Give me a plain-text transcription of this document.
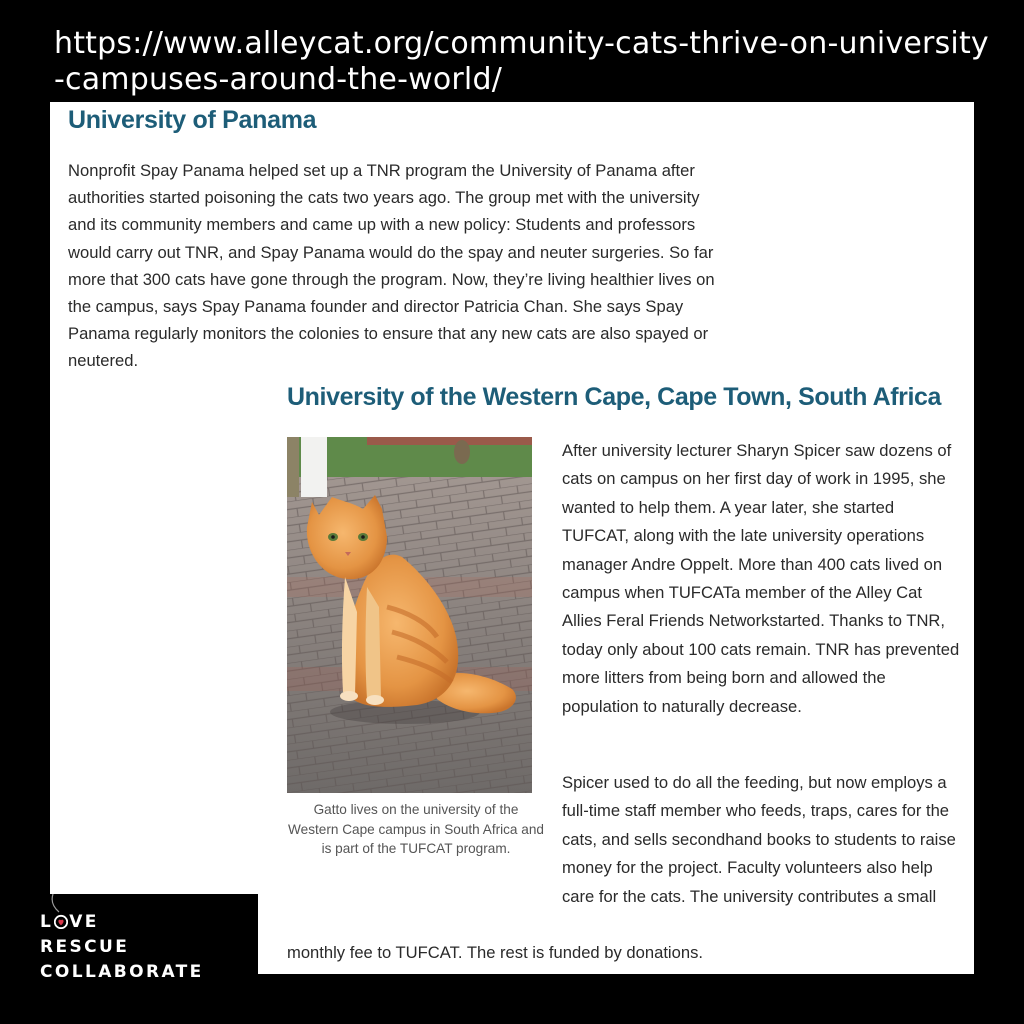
https://www.alleycat.org/community-cats-thrive-on-university-campuses-around-the-world/
University of Panama

Nonprofit Spay Panama helped set up a TNR program the University of Panama after authorities started poisoning the cats two years ago. The group met with the university and its community members and came up with a new policy: Students and professors would carry out TNR, and Spay Panama would do the spay and neuter surgeries. So far more that 300 cats have gone through the program. Now, they’re living healthier lives on the campus, says Spay Panama founder and director Patricia Chan. She says Spay Panama regularly monitors the colonies to ensure that any new cats are also spayed or neutered.

University of the Western Cape, Cape Town, South Africa

Gatto lives on the university of the Western Cape campus in South Africa and is part of the TUFCAT program.

After university lecturer Sharyn Spicer saw dozens of cats on campus on her first day of work in 1995, she wanted to help them. A year later, she started TUFCAT, along with the late university operations manager Andre Oppelt. More than 400 cats lived on campus when TUFCATa member of the Alley Cat Allies Feral Friends Networkstarted. Thanks to TNR, today only about 100 cats remain. TNR has prevented more litters from being born and allowed the population to naturally decrease.

Spicer used to do all the feeding, but now employs a full-time staff member who feeds, traps, cares for the cats, and sells secondhand books to students to raise money for the project. Faculty volunteers also help care for the cats. The university contributes a small

monthly fee to TUFCAT. The rest is funded by donations.

L VE
RESCUE
COLLABORATE
